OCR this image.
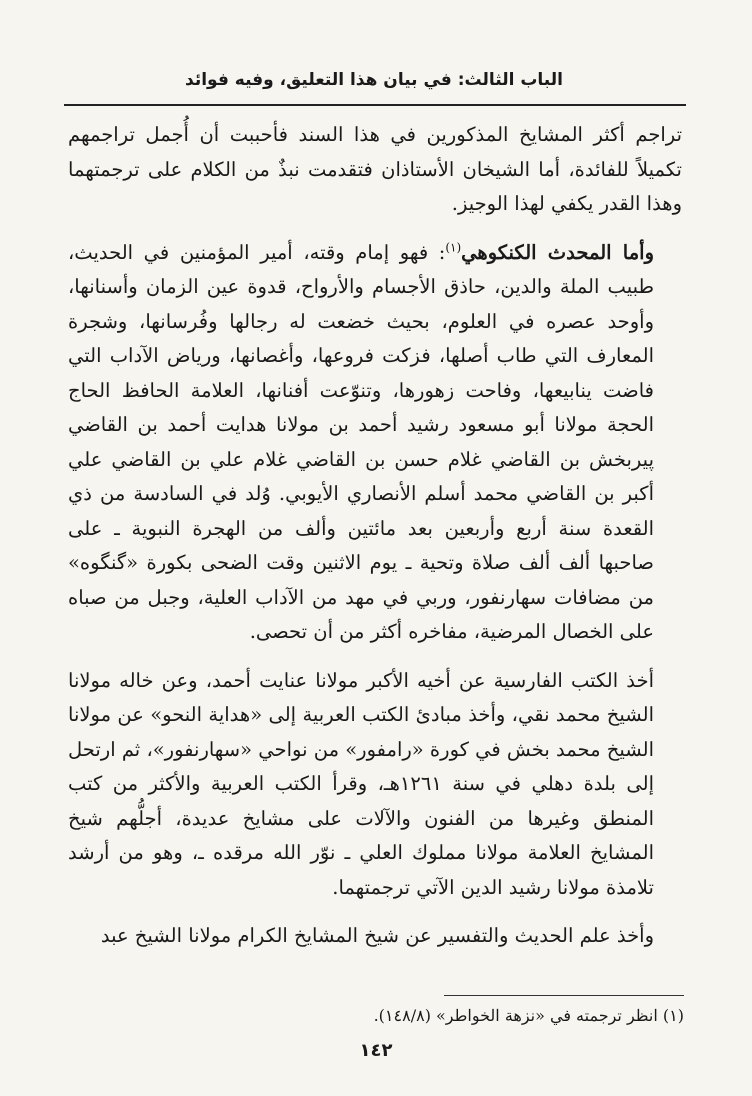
الباب الثالث: في بيان هذا التعليق، وفيه فوائد

تراجم أكثر المشايخ المذكورين في هذا السند فأحببت أن أُجمل تراجمهم تكميلاً للفائدة، أما الشيخان الأستاذان فتقدمت نبذٌ من الكلام على ترجمتهما وهذا القدر يكفي لهذا الوجيز.

وأما المحدث الكنكوهي$^{(١)}$: فهو إمام وقته، أمير المؤمنين في الحديث، طبيب الملة والدين، حاذق الأجسام والأرواح، قدوة عين الزمان وأسنانها، وأوحد عصره في العلوم، بحيث خضعت له رجالها وفُرسانها، وشجرة المعارف التي طاب أصلها، فزكت فروعها، وأغصانها، ورياض الآداب التي فاضت ينابيعها، وفاحت زهورها، وتنوّعت أفنانها، العلامة الحافظ الحاج الحجة مولانا أبو مسعود رشيد أحمد بن مولانا هدايت أحمد بن القاضي پيربخش بن القاضي غلام حسن بن القاضي غلام علي بن القاضي علي أكبر بن القاضي محمد أسلم الأنصاري الأيوبي. وُلد في السادسة من ذي القعدة سنة أربع وأربعين بعد مائتين وألف من الهجرة النبوية ـ على صاحبها ألف ألف صلاة وتحية ـ يوم الاثنين وقت الضحى بكورة «گنگوه» من مضافات سهارنفور، وربي في مهد من الآداب العلية، وجبل من صباه على الخصال المرضية، مفاخره أكثر من أن تحصى.

أخذ الكتب الفارسية عن أخيه الأكبر مولانا عنايت أحمد، وعن خاله مولانا الشيخ محمد نقي، وأخذ مبادئ الكتب العربية إلى «هداية النحو» عن مولانا الشيخ محمد بخش في كورة «رامفور» من نواحي «سهارنفور»، ثم ارتحل إلى بلدة دهلي في سنة ١٢٦١هـ، وقرأ الكتب العربية والأكثر من كتب المنطق وغيرها من الفنون والآلات على مشايخ عديدة، أجلُّهم شيخ المشايخ العلامة مولانا مملوك العلي ـ نوّر الله مرقده ـ، وهو من أرشد تلامذة مولانا رشيد الدين الآتي ترجمتهما.

وأخذ علم الحديث والتفسير عن شيخ المشايخ الكرام مولانا الشيخ عبد

(١) انظر ترجمته في «نزهة الخواطر» (١٤٨/٨).
١٤٢
